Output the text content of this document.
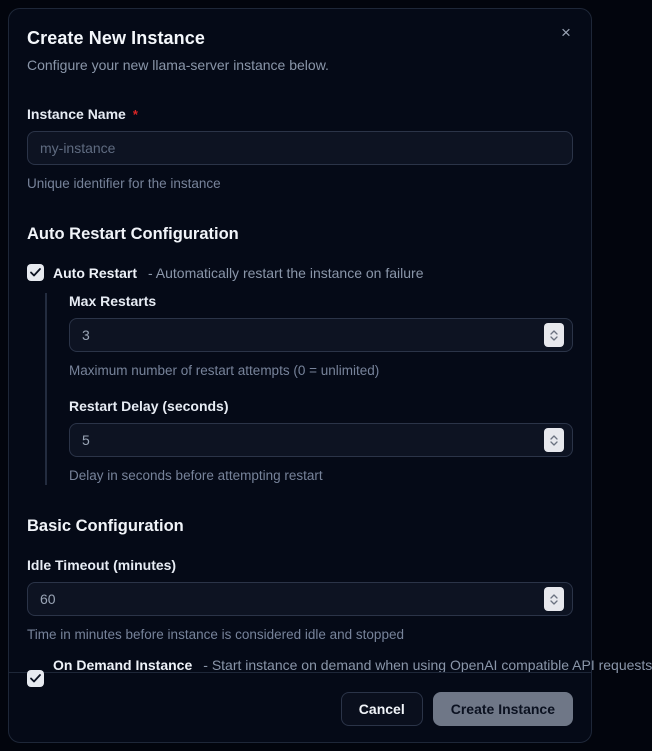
×
Create New Instance
Configure your new llama-server instance below.
Instance Name *
my-instance
Unique identifier for the instance
Auto Restart Configuration
Auto Restart - Automatically restart the instance on failure
Max Restarts
3
Maximum number of restart attempts (0 = unlimited)
Restart Delay (seconds)
5
Delay in seconds before attempting restart
Basic Configuration
Idle Timeout (minutes)
60
Time in minutes before instance is considered idle and stopped
On Demand Instance - Start instance on demand when using OpenAI compatible API requests
Cancel	Create Instance
